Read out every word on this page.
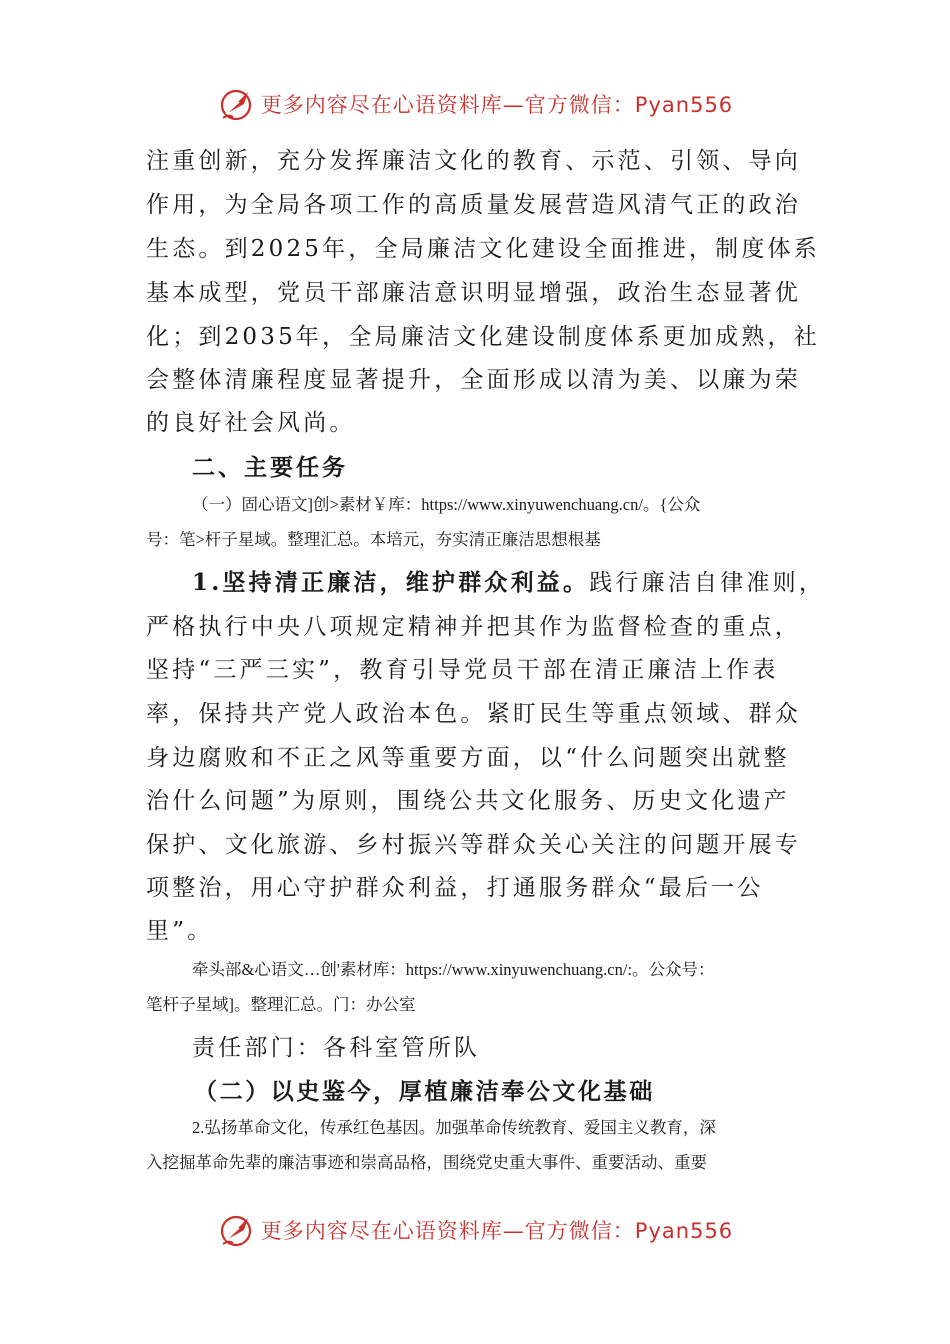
更多内容尽在心语资料库—官方微信：Pyan556

注重创新，充分发挥廉洁文化的教育、示范、引领、导向

作用，为全局各项工作的高质量发展营造风清气正的政治

生态。到2025年，全局廉洁文化建设全面推进，制度体系

基本成型，党员干部廉洁意识明显增强，政治生态显著优

化；到2035年，全局廉洁文化建设制度体系更加成熟，社

会整体清廉程度显著提升，全面形成以清为美、以廉为荣

的良好社会风尚。

二、主要任务

（一）固心语文]创>素材￥库：https://www.xinyuwenchuang.cn/。{公众

号：笔>杆子星域。整理汇总。本培元，夯实清正廉洁思想根基

1.坚持清正廉洁，维护群众利益。践行廉洁自律准则，

严格执行中央八项规定精神并把其作为监督检查的重点，

坚持“三严三实”，教育引导党员干部在清正廉洁上作表

率，保持共产党人政治本色。紧盯民生等重点领域、群众

身边腐败和不正之风等重要方面，以“什么问题突出就整

治什么问题”为原则，围绕公共文化服务、历史文化遗产

保护、文化旅游、乡村振兴等群众关心关注的问题开展专

项整治，用心守护群众利益，打通服务群众“最后一公

里”。

牵头部&心语文…创'素材库：https://www.xinyuwenchuang.cn/:。公众号：

笔杆子星域]。整理汇总。门：办公室

责任部门：各科室管所队

（二）以史鉴今，厚植廉洁奉公文化基础

2.弘扬革命文化，传承红色基因。加强革命传统教育、爱国主义教育，深

入挖掘革命先辈的廉洁事迹和崇高品格，围绕党史重大事件、重要活动、重要

更多内容尽在心语资料库—官方微信：Pyan556
